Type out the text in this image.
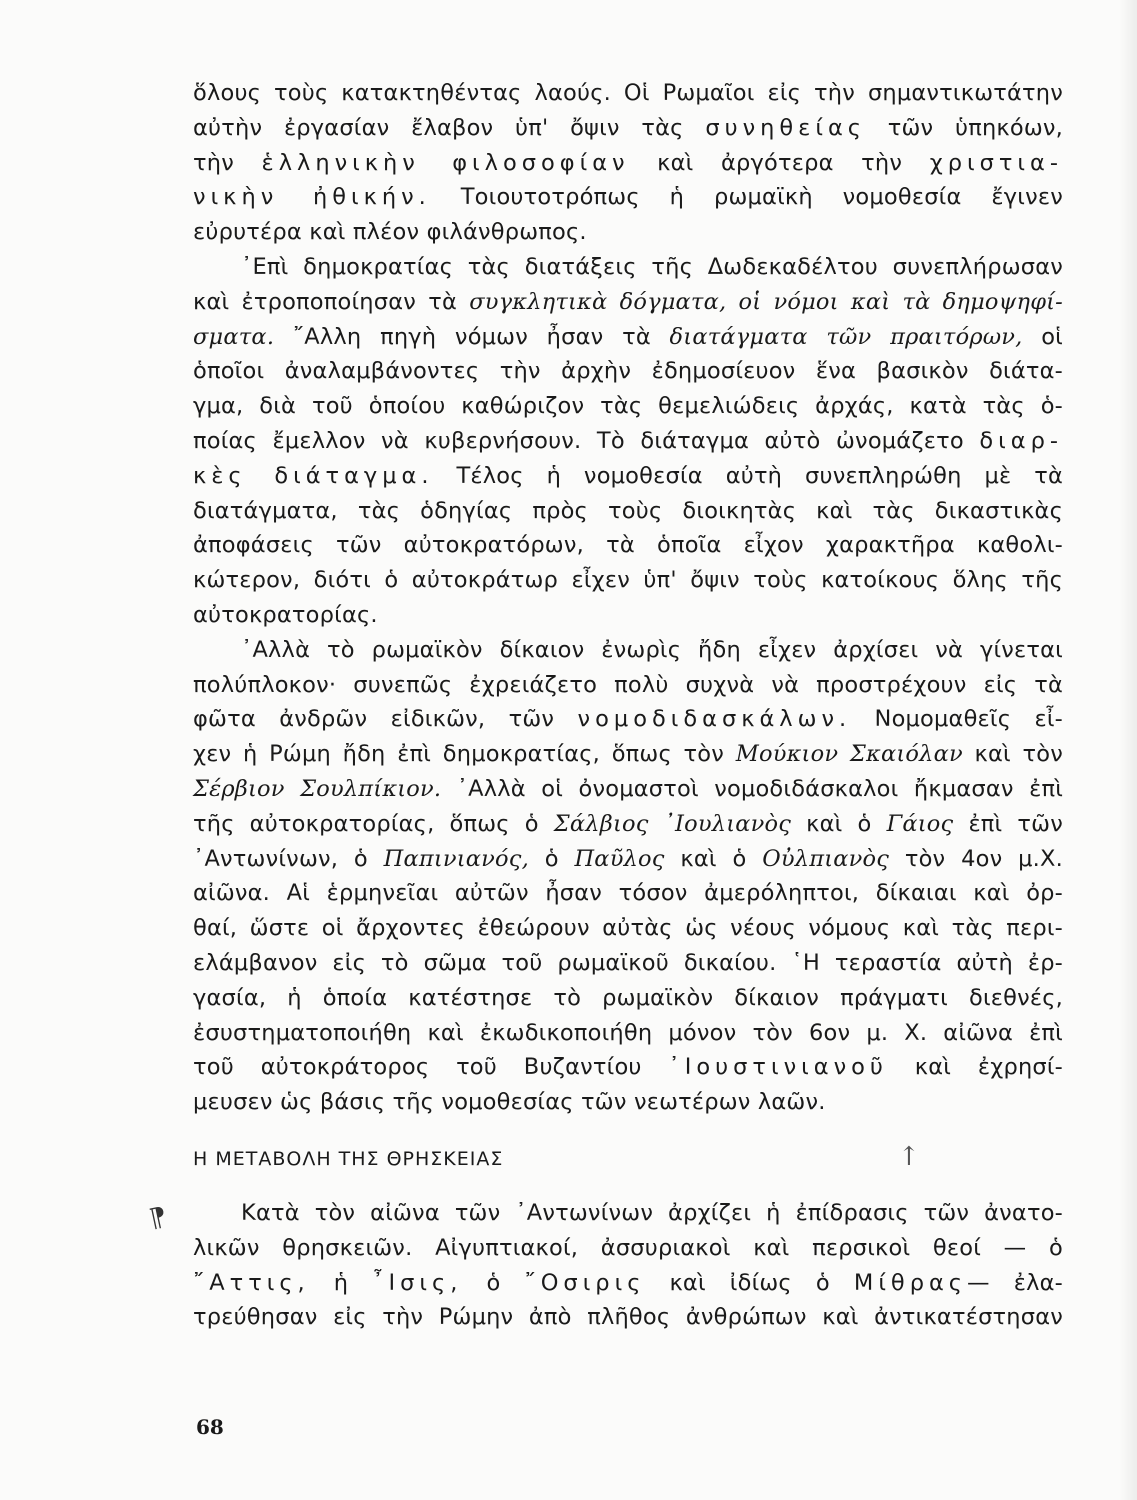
ὅλους τοὺς κατακτηθέντας λαούς. Οἱ Ρωμαῖοι εἰς τὴν σημαντικωτάτην
αὐτὴν ἐργασίαν ἔλαβον ὑπ' ὄψιν τὰς συνηθείας τῶν ὑπηκόων,
τὴν ἑλληνικὴν φιλοσοφίαν καὶ ἀργότερα τὴν χριστια-
νικὴν ἠθικήν. Τοιουτοτρόπως ἡ ρωμαϊκὴ νομοθεσία ἔγινεν
εὐρυτέρα καὶ πλέον φιλάνθρωπος.
᾿Επὶ δημοκρατίας τὰς διατάξεις τῆς Δωδεκαδέλτου συνεπλήρωσαν
καὶ ἐτροποποίησαν τὰ συγκλητικὰ δόγματα, οἱ νόμοι καὶ τὰ δημοψηφί-
σματα. ῎Αλλη πηγὴ νόμων ἦσαν τὰ διατάγματα τῶν πραιτόρων, οἱ
ὁποῖοι ἀναλαμβάνοντες τὴν ἀρχὴν ἐδημοσίευον ἕνα βασικὸν διάτα-
γμα, διὰ τοῦ ὁποίου καθώριζον τὰς θεμελιώδεις ἀρχάς, κατὰ τὰς ὁ-
ποίας ἔμελλον νὰ κυβερνήσουν. Τὸ διάταγμα αὐτὸ ὠνομάζετο διαρ-
κὲς διάταγμα. Τέλος ἡ νομοθεσία αὐτὴ συνεπληρώθη μὲ τὰ
διατάγματα, τὰς ὁδηγίας πρὸς τοὺς διοικητὰς καὶ τὰς δικαστικὰς
ἀποφάσεις τῶν αὐτοκρατόρων, τὰ ὁποῖα εἶχον χαρακτῆρα καθολι-
κώτερον, διότι ὁ αὐτοκράτωρ εἶχεν ὑπ' ὄψιν τοὺς κατοίκους ὅλης τῆς
αὐτοκρατορίας.
᾿Αλλὰ τὸ ρωμαϊκὸν δίκαιον ἐνωρὶς ἤδη εἶχεν ἀρχίσει νὰ γίνεται
πολύπλοκον· συνεπῶς ἐχρειάζετο πολὺ συχνὰ νὰ προστρέχουν εἰς τὰ
φῶτα ἀνδρῶν εἰδικῶν, τῶν νομοδιδασκάλων. Νομομαθεῖς εἶ-
χεν ἡ Ρώμη ἤδη ἐπὶ δημοκρατίας, ὅπως τὸν Μούκιον Σκαιόλαν καὶ τὸν
Σέρβιον Σουλπίκιον. ᾿Αλλὰ οἱ ὀνομαστοὶ νομοδιδάσκαλοι ἤκμασαν ἐπὶ
τῆς αὐτοκρατορίας, ὅπως ὁ Σάλβιος ᾿Ιουλιανὸς καὶ ὁ Γάιος ἐπὶ τῶν
᾿Αντωνίνων, ὁ Παπινιανός, ὁ Παῦλος καὶ ὁ Οὐλπιανὸς τὸν 4ον μ.Χ.
αἰῶνα. Αἱ ἑρμηνεῖαι αὐτῶν ἦσαν τόσον ἀμερόληπτοι, δίκαιαι καὶ ὀρ-
θαί, ὥστε οἱ ἄρχοντες ἐθεώρουν αὐτὰς ὡς νέους νόμους καὶ τὰς περι-
ελάμβανον εἰς τὸ σῶμα τοῦ ρωμαϊκοῦ δικαίου. ῾Η τεραστία αὐτὴ ἐρ-
γασία, ἡ ὁποία κατέστησε τὸ ρωμαϊκὸν δίκαιον πράγματι διεθνές,
ἐσυστηματοποιήθη καὶ ἐκωδικοποιήθη μόνον τὸν 6ον μ. Χ. αἰῶνα ἐπὶ
τοῦ αὐτοκράτορος τοῦ Βυζαντίου ᾿Ιουστινιανοῦ καὶ ἐχρησί-
μευσεν ὡς βάσις τῆς νομοθεσίας τῶν νεωτέρων λαῶν.
Η ΜΕΤΑΒΟΛΗ ΤΗΣ ΘΡΗΣΚΕΙΑΣ
Κατὰ τὸν αἰῶνα τῶν ᾿Αντωνίνων ἀρχίζει ἡ ἐπίδρασις τῶν ἀνατο-
λικῶν θρησκειῶν. Αἰγυπτιακοί, ἀσσυριακοὶ καὶ περσικοὶ θεοί — ὁ
῎Αττις, ἡ ῏Ισις, ὁ ῎Οσιρις καὶ ἰδίως ὁ Μίθρας— ἐλα-
τρεύθησαν εἰς τὴν Ρώμην ἀπὸ πλῆθος ἀνθρώπων καὶ ἀντικατέστησαν
⁋
↑
68
